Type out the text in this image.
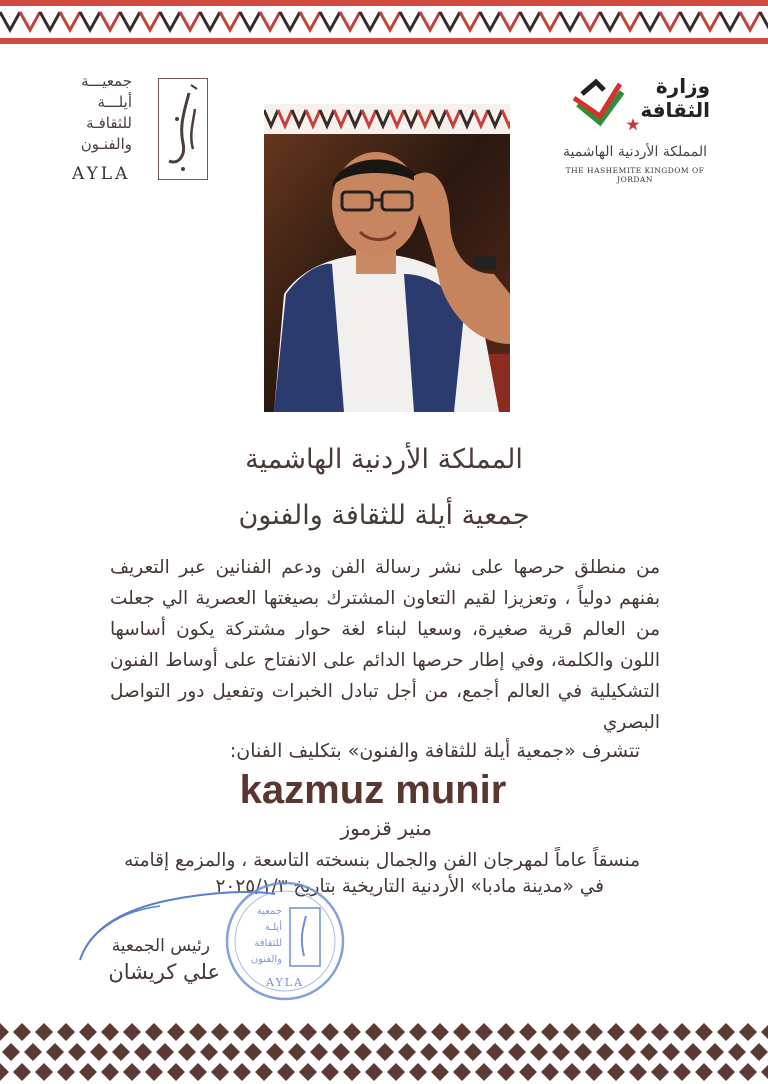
جمعيـــة
أيلـــة
للثقافـة
والفنـون
AYLA
وزارة الثقافة
المملكة الأردنية الهاشمية
THE HASHEMITE KINGDOM OF JORDAN
المملكة الأردنية الهاشمية
جمعية أيلة للثقافة والفنون
من منطلق حرصها على نشر رسالة الفن ودعم الفنانين عبر التعريف بفنهم دولياً ، وتعزيزا لقيم التعاون المشترك بصيغتها العصرية الي جعلت من العالم قرية صغيرة، وسعيا لبناء لغة حوار مشتركة يكون أساسها اللون والكلمة، وفي إطار حرصها الدائم على الانفتاح على أوساط الفنون التشكيلية في العالم أجمع، من أجل تبادل الخبرات وتفعيل دور التواصل البصري
تتشرف «جمعية أيلة للثقافة والفنون» بتكليف الفنان:
kazmuz munir
منير قزموز
منسقاً عاماً لمهرجان الفن والجمال بنسخته التاسعة ، والمزمع إقامته
في «مدينة مادبا» الأردنية التاريخية بتاريخ ٢٠٢٥/١/٣
رئيس الجمعية
علي كريشان
جمعية
أيلـة
للثقافة
والفنون
AYLA
